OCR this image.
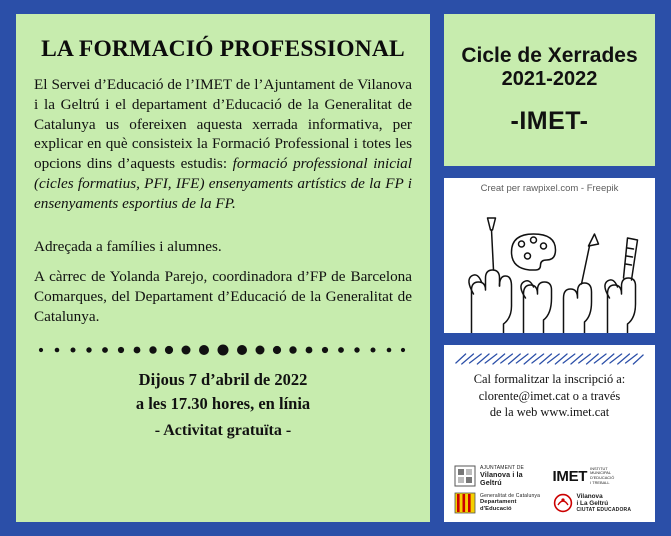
LA FORMACIÓ PROFESSIONAL
El Servei d’Educació de l’IMET de l’Ajuntament de Vilanova i la Geltrú i el departament d’Educació de la Generalitat de Catalunya us ofereixen aquesta xerrada informativa, per explicar en què consisteix la Formació Professional i totes les opcions dins d’aquests estudis: formació professional inicial (cicles formatius, PFI, IFE) ensenyaments artístics de la FP i ensenyaments esportius de la FP.
Adreçada a famílies i alumnes.
A càrrec de Yolanda Parejo, coordinadora d’FP de Barcelona Comarques, del Departament d’Educació de la Generalitat de Catalunya.
Dijous 7 d’abril de 2022
a les 17.30 hores, en línia
- Activitat gratuïta -
Cicle de Xerrades
2021-2022
-IMET-
Creat per rawpixel.com - Freepik
Cal formalitzar la inscripció a:
clorente@imet.cat o a través
de la web www.imet.cat
AJUNTAMENT DE
Vilanova i la Geltrú	IMET INSTITUT
MUNICIPAL
D'EDUCACIÓ
I TREBALL
Generalitat de Catalunya
Departament
d'Educació
Vilanova
i La Geltrú
CIUTAT EDUCADORA
